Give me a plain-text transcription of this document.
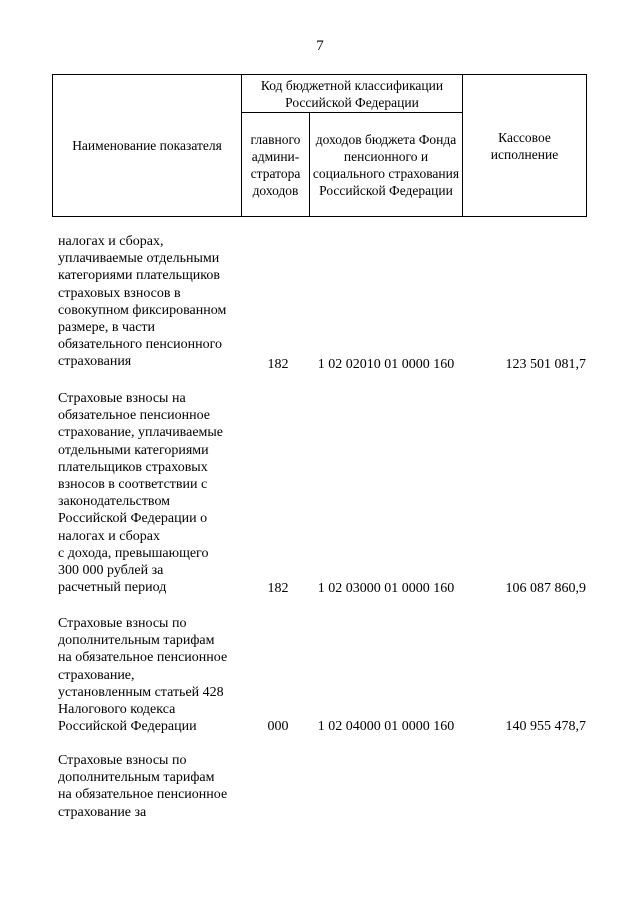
7
Наименование показателя	Код бюджетной классификации Российской Федерации		Кассовое исполнение
	главного админи-стратора доходов	доходов бюджета Фонда пенсионного и социального страхования Российской Федерации	
налогах и сборах,
уплачиваемые отдельными
категориями плательщиков
страховых взносов в
совокупном фиксированном
размере, в части
обязательного пенсионного
страхования	182	1 02 02010 01 0000 160	123 501 081,7
Страховые взносы на
обязательное пенсионное
страхование, уплачиваемые
отдельными категориями
плательщиков страховых
взносов в соответствии с
законодательством
Российской Федерации о
налогах и сборах
с дохода, превышающего
300 000 рублей за
расчетный период	182	1 02 03000 01 0000 160	106 087 860,9
Страховые взносы по
дополнительным тарифам
на обязательное пенсионное
страхование,
установленным статьей 428
Налогового кодекса
Российской Федерации	000	1 02 04000 01 0000 160	140 955 478,7
Страховые взносы по
дополнительным тарифам
на обязательное пенсионное
страхование за
